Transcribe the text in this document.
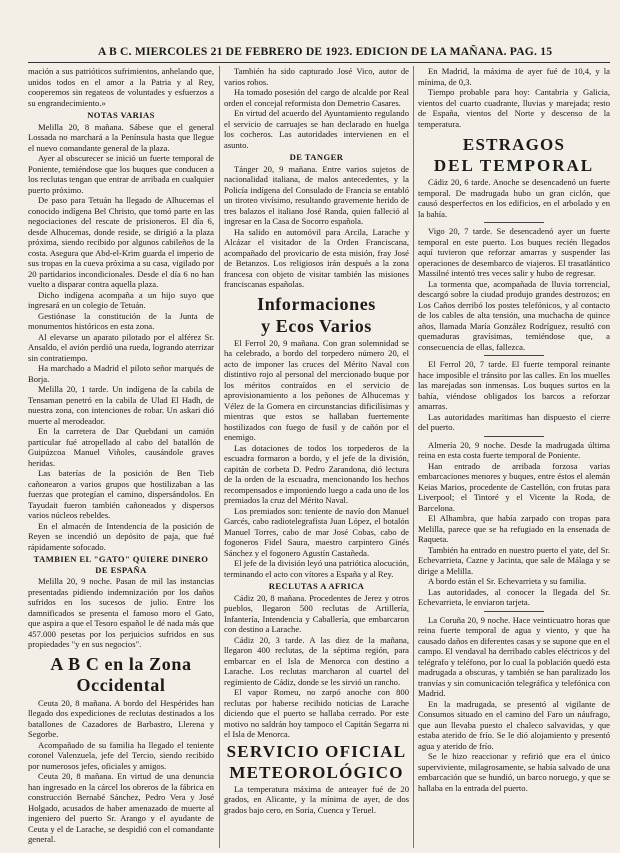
A B C. MIERCOLES 21 DE FEBRERO DE 1923. EDICION DE LA MAÑANA. PAG. 15

mación a sus patrióticos sufrimientos, anhelando que, unidos todos en el amor a la Patria y al Rey, cooperemos sin regateos de voluntades y esfuerzos a su engrandecimiento.»

NOTAS VARIAS

Melilla 20, 8 mañana. Sábese que el general Lossada no marchará a la Península hasta que llegue el nuevo comandante general de la plaza.

Ayer al obscurecer se inició un fuerte temporal de Poniente, temiéndose que los buques que conducen a los reclutas tengan que entrar de arribada en cualquier puerto próximo.

De paso para Tetuán ha llegado de Alhucemas el conocido indígena Bel Christo, que tomó parte en las negociaciones del rescate de prisioneros. El día 6, desde Alhucemas, donde reside, se dirigió a la plaza próxima, siendo recibido por algunos cabileños de la costa. Asegura que Abd-el-Krim guarda el imperio de sus tropas en la cueva próxima a su casa, vigilado por 20 partidarios incondicionales. Desde el día 6 no han vuelto a disparar contra aquella plaza.

Dicho indígena acompaña a un hijo suyo que ingresará en un colegio de Tetuán.

Gestiónase la constitución de la Junta de monumentos históricos en esta zona.

Al elevarse un aparato pilotado por el alférez Sr. Ansaldo, el avión perdió una rueda, logrando aterrizar sin contratiempo.

Ha marchado a Madrid el piloto señor marqués de Borja.

Melilla 20, 1 tarde. Un indígena de la cabila de Tensaman penetró en la cabila de Ulad El Hadh, de nuestra zona, con intenciones de robar. Un askari dió muerte al merodeador.

En la carretera de Dar Quebdani un camión particular fué atropellado al cabo del batallón de Guipúzcoa Manuel Viñoles, causándole graves heridas.

Las baterías de la posición de Ben Tieb cañonearon a varios grupos que hostilizaban a las fuerzas que protegían el camino, dispersándolos. En Tayudait fueron también cañoneados y dispersos varios núcleos rebeldes.

En el almacén de Intendencia de la posición de Reyen se incendió un depósito de paja, que fué rápidamente sofocado.

TAMBIEN EL "GATO" QUIERE DINERO DE ESPAÑA

Melilla 20, 9 noche. Pasan de mil las instancias presentadas pidiendo indemnización por los daños sufridos en los sucesos de julio. Entre los damnificados se presenta el famoso moro el Gato, que aspira a que el Tesoro español le dé nada más que 457.000 pesetas por los perjuicios sufridos en sus propiedades "y en sus negocios".

A B C en la Zona Occidental

Ceuta 20, 8 mañana. A bordo del Hespérides han llegado dos expediciones de reclutas destinados a los batallones de Cazadores de Barbastro, Llerena y Segorbe.

Acompañado de su familia ha llegado el teniente coronel Valenzuela, jefe del Tercio, siendo recibido por numerosos jefes, oficiales y amigos.

Ceuta 20, 8 mañana. En virtud de una denuncia han ingresado en la cárcel los obreros de la fábrica en construcción Bernabé Sánchez, Pedro Vera y José Holgado, acusados de haber amenazado de muerte al ingeniero del puerto Sr. Arango y el ayudante de Ceuta y el de Larache, se despidió con el comandante general.

También ha sido capturado José Vico, autor de varios robos.

Ha tomado posesión del cargo de alcalde por Real orden el concejal reformista don Demetrio Casares.

En virtud del acuerdo del Ayuntamiento regulando el servicio de carruajes se han declarado en huelga los cocheros. Las autoridades intervienen en el asunto.

DE TANGER

Tánger 20, 9 mañana. Entre varios sujetos de nacionalidad italiana, de malos antecedentes, y la Policía indígena del Consulado de Francia se entabló un tiroteo vivísimo, resultando gravemente herido de tres balazos el italiano José Randa, quien falleció al ingresar en la Casa de Socorro española.

Ha salido en automóvil para Arcila, Larache y Alcázar el visitador de la Orden Franciscana, acompañado del provicario de esta misión, fray José de Betanzos. Los religiosos irán después a la zona francesa con objeto de visitar también las misiones franciscanas españolas.

Informaciones
y Ecos Varios

El Ferrol 20, 9 mañana. Con gran solemnidad se ha celebrado, a bordo del torpedero número 20, el acto de imponer las cruces del Mérito Naval con distintivo rojo al personal del mercionado buque por los méritos contraídos en el servicio de aprovisionamiento a los peñones de Alhucemas y Vélez de la Gomera en circunstancias dificilísimas y mientras que estos se hallaban fuertemente hostilizados con fuego de fusil y de cañón por el enemigo.

Las dotaciones de todos los torpederos de la escuadra formaron a bordo, y el jefe de la división, capitán de corbeta D. Pedro Zarandona, dió lectura de la orden de la escuadra, mencionando los hechos recompensados e imponiendo luego a cada uno de los premiados la cruz del Mérito Naval.

Los premiados son: teniente de navío don Manuel Garcés, cabo radiotelegrafista Juan López, el botalón Manuel Torres, cabo de mar José Cobas, cabo de fogoneros Fidel Saura, maestro carpintero Ginés Sánchez y el fogonero Agustín Castañeda.

El jefe de la división leyó una patriótica alocución, terminando el acto con vítores a España y al Rey.

RECLUTAS A AFRICA

Cádiz 20, 8 mañana. Procedentes de Jerez y otros pueblos, llegaron 500 reclutas de Artillería, Infantería, Intendencia y Caballería, que embarcaron con destino a Larache.

Cádiz 20, 3 tarde. A las diez de la mañana, llegaron 400 reclutas, de la séptima región, para embarcar en el Isla de Menorca con destino a Larache. Los reclutas marcharon al cuartel del regimiento de Cádiz, donde se les sirvió un rancho.

El vapor Romeu, no zarpó anoche con 800 reclutas por haberse recibido noticias de Larache diciendo que el puerto se hallaba cerrado. Por este motivo no saldrán hoy tampoco el Capitán Segarra ni el Isla de Menorca.

SERVICIO OFICIAL
METEOROLÓGICO

La temperatura máxima de anteayer fué de 20 grados, en Alicante, y la mínima de ayer, de dos grados bajo cero, en Soria, Cuenca y Teruel.

En Madrid, la máxima de ayer fué de 10,4, y la mínima, de 0,3.

Tiempo probable para hoy: Cantabria y Galicia, vientos del cuarto cuadrante, lluvias y marejada; resto de España, vientos del Norte y descenso de la temperatura.

ESTRAGOS
DEL TEMPORAL

Cádiz 20, 6 tarde. Anoche se desencadenó un fuerte temporal. De madrugada hubo un gran ciclón, que causó desperfectos en los edificios, en el arbolado y en la bahía.

Vigo 20, 7 tarde. Se desencadenó ayer un fuerte temporal en este puerto. Los buques recién llegados aquí tuvieron que reforzar amarras y suspender las operaciones de desembarco de viajeros. El trasatlántico Massilné intentó tres veces salir y hubo de regresar.

La tormenta que, acompañada de lluvia torrencial, descargó sobre la ciudad produjo grandes destrozos; en Los Caños derribó los postes telefónicos, y al contacto de los cables de alta tensión, una muchacha de quince años, llamada María González Rodríguez, resultó con quemaduras gravísimas, temiéndose que, a consecuencia de ellas, fallezca.

El Ferrol 20, 7 tarde. El fuerte temporal reinante hace imposible el tránsito por las calles. En los muelles las marejadas son inmensas. Los buques surtos en la bahía, viéndose obligados los barcos a reforzar amarras.

Las autoridades marítimas han dispuesto el cierre del puerto.

Almería 20, 9 noche. Desde la madrugada última reina en esta costa fuerte temporal de Poniente.

Han entrado de arribada forzosa varias embarcaciones menores y buques, entre éstos el alemán Keias Marios, procedente de Castellón, con frutas para Liverpool; el Tintoré y el Vicente la Roda, de Barcelona.

El Alhambra, que había zarpado con tropas para Melilla, parece que se ha refugiado en la ensenada de Raqueta.

También ha entrado en nuestro puerto el yate, del Sr. Echevarrieta, Cazne y Jacinta, que sale de Málaga y se dirige a Melilla.

A bordo están el Sr. Echevarrieta y su familia.

Las autoridades, al conocer la llegada del Sr. Echevarrieta, le enviaron tarjeta.

La Coruña 20, 9 noche. Hace veinticuatro horas que reina fuerte temporal de agua y viento, y que ha causado daños en diferentes casas y se supone que en el campo. El vendaval ha derribado cables eléctricos y del telégrafo y teléfono, por lo cual la población quedó esta madrugada a obscuras, y también se han paralizado los tranvías y sin comunicación telegráfica y telefónica con Madrid.

En la madrugada, se presentó al vigilante de Consumos situado en el camino del Faro un náufrago, que aun llevaba puesto el chaleco salvavidas, y que estaba aterido de frío. Se le dió alojamiento y presentó agua y aterido de frío.

Se le hizo reaccionar y refirió que era el único superviviente, milagrosamente, se había salvado de una embarcación que se hundió, un barco noruego, y que se hallaba en la entrada del puerto.
